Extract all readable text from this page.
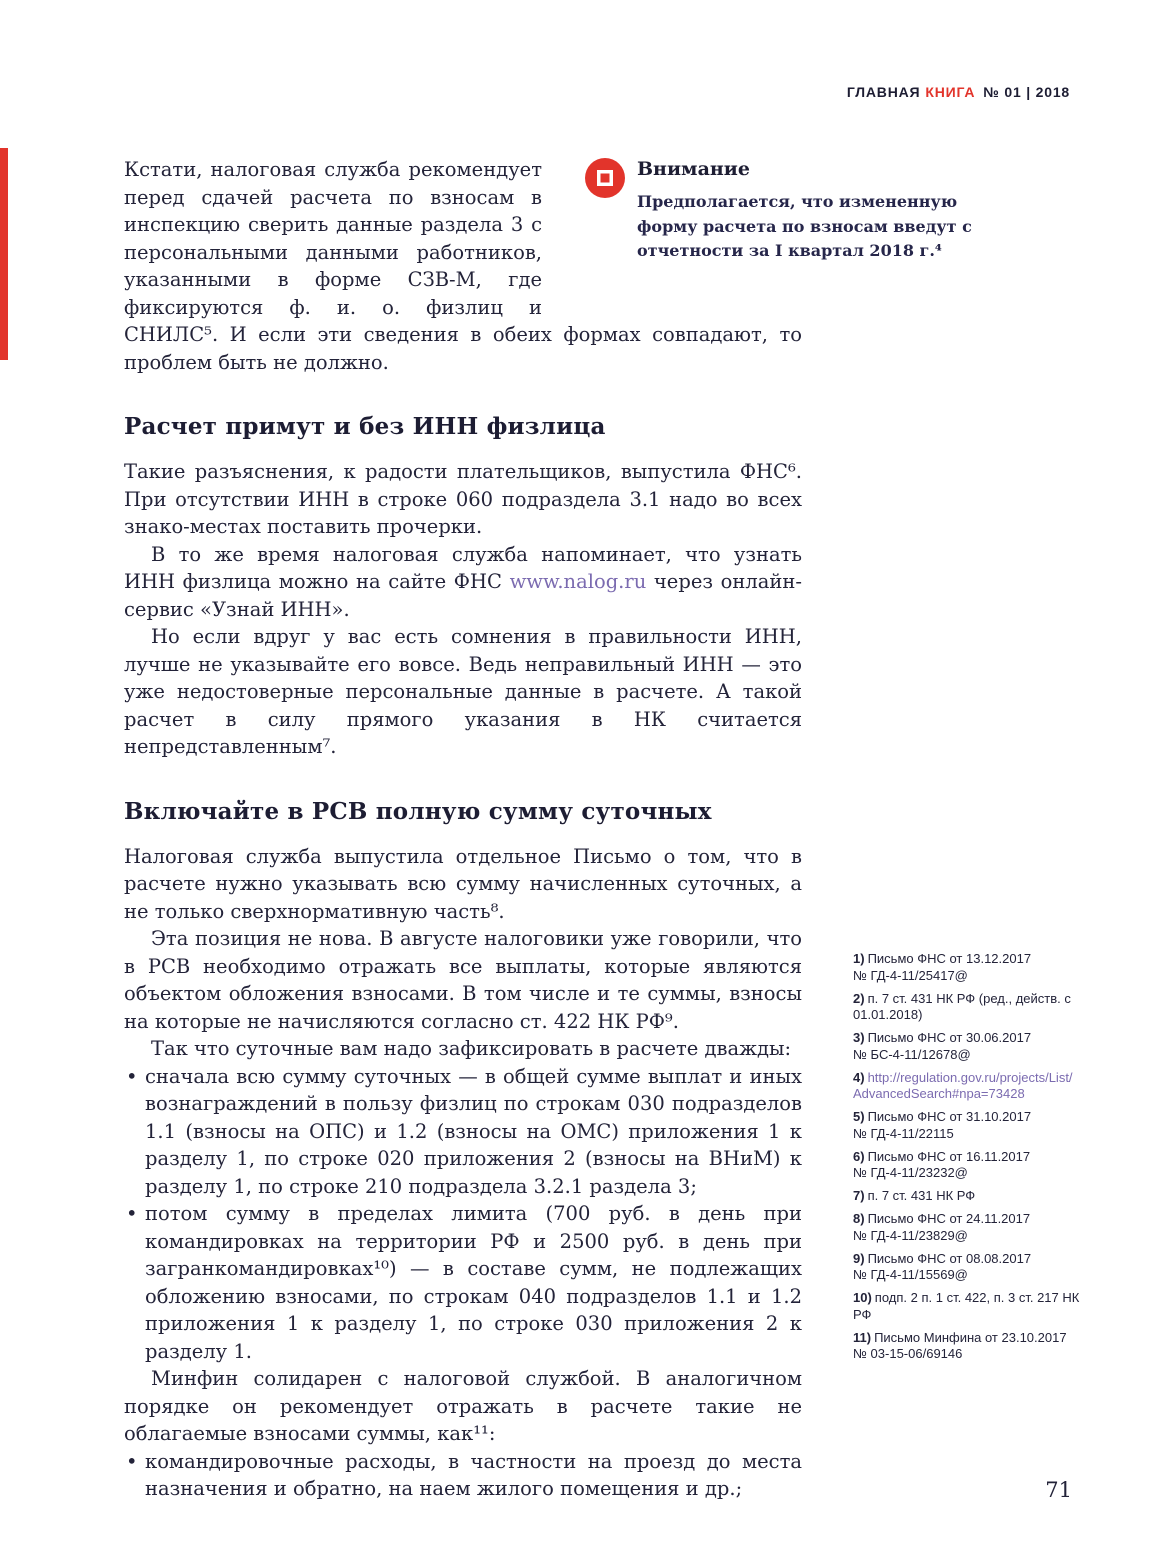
ГЛАВНАЯ КНИГА № 01 | 2018
Внимание
Предполагается, что измененную форму расчета по взносам введут с отчетности за I квартал 2018 г.⁴

Кстати, налоговая служба рекомендует перед сдачей расчета по взносам в инспекцию сверить данные раздела 3 с персональными данными работников, указанными в форме СЗВ-М, где фиксируются ф. и. о. физлиц и СНИЛС⁵. И если эти сведения в обеих формах совпадают, то проблем быть не должно.

Расчет примут и без ИНН физлица

Такие разъяснения, к радости плательщиков, выпустила ФНС⁶. При отсутствии ИНН в строке 060 подраздела 3.1 надо во всех знако-местах поставить прочерки.

В то же время налоговая служба напоминает, что узнать ИНН физлица можно на сайте ФНС www.nalog.ru через онлайн-сервис «Узнай ИНН».

Но если вдруг у вас есть сомнения в правильности ИНН, лучше не указывайте его вовсе. Ведь неправильный ИНН — это уже недостоверные персональные данные в расчете. А такой расчет в силу прямого указания в НК считается непредставленным⁷.

Включайте в РСВ полную сумму суточных

Налоговая служба выпустила отдельное Письмо о том, что в расчете нужно указывать всю сумму начисленных суточных, а не только сверхнормативную часть⁸.

Эта позиция не нова. В августе налоговики уже говорили, что в РСВ необходимо отражать все выплаты, которые являются объектом обложения взносами. В том числе и те суммы, взносы на которые не начисляются согласно ст. 422 НК РФ⁹.

Так что суточные вам надо зафиксировать в расчете дважды:

• сначала всю сумму суточных — в общей сумме выплат и иных вознаграждений в пользу физлиц по строкам 030 подразделов 1.1 (взносы на ОПС) и 1.2 (взносы на ОМС) приложения 1 к разделу 1, по строке 020 приложения 2 (взносы на ВНиМ) к разделу 1, по строке 210 подраздела 3.2.1 раздела 3;
• потом сумму в пределах лимита (700 руб. в день при командировках на территории РФ и 2500 руб. в день при загранкомандировках¹⁰) — в составе сумм, не подлежащих обложению взносами, по строкам 040 подразделов 1.1 и 1.2 приложения 1 к разделу 1, по строке 030 приложения 2 к разделу 1.

Минфин солидарен с налоговой службой. В аналогичном порядке он рекомендует отражать в расчете такие не облагаемые взносами суммы, как¹¹:

• командировочные расходы, в частности на проезд до места назначения и обратно, на наем жилого помещения и др.;
1) Письмо ФНС от 13.12.2017 № ГД-4-11/25417@
2) п. 7 ст. 431 НК РФ (ред., действ. с 01.01.2018)
3) Письмо ФНС от 30.06.2017 № БС-4-11/12678@
4) http://regulation.gov.ru/projects/List/AdvancedSearch#npa=73428
5) Письмо ФНС от 31.10.2017 № ГД-4-11/22115
6) Письмо ФНС от 16.11.2017 № ГД-4-11/23232@
7) п. 7 ст. 431 НК РФ
8) Письмо ФНС от 24.11.2017 № ГД-4-11/23829@
9) Письмо ФНС от 08.08.2017 № ГД-4-11/15569@
10) подп. 2 п. 1 ст. 422, п. 3 ст. 217 НК РФ
11) Письмо Минфина от 23.10.2017 № 03-15-06/69146
71
